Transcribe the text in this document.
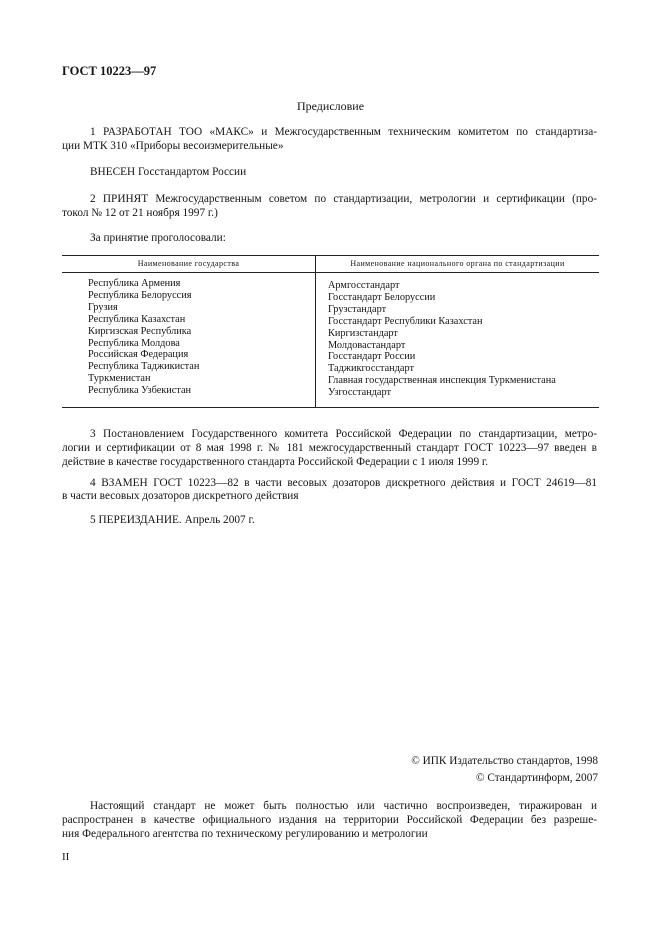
ГОСТ 10223—97
Предисловие
1 РАЗРАБОТАН ТОО «МАКС» и Межгосударственным техническим комитетом по стандартиза-
ции МТК 310 «Приборы весоизмерительные»
ВНЕСЕН Госстандартом России
2 ПРИНЯТ Межгосударственным советом по стандартизации, метрологии и сертификации (про-
токол № 12 от 21 ноября 1997 г.)
За принятие проголосовали:
Наименование государства	Наименование национального органа по стандартизации
Республика Армения
Республика Белоруссия
Грузия
Республика Казахстан
Киргизская Республика
Республика Молдова
Российская Федерация
Республика Таджикистан
Туркменистан
Республика Узбекистан
Армгосстандарт
Госстандарт Белоруссии
Грузстандарт
Госстандарт Республики Казахстан
Киргизстандарт
Молдовастандарт
Госстандарт России
Таджикгосстандарт
Главная государственная инспекция Туркменистана
Узгосстандарт
3 Постановлением Государственного комитета Российской Федерации по стандартизации, метро-
логии и сертификации от 8 мая 1998 г. № 181 межгосударственный стандарт ГОСТ 10223—97 введен в
действие в качестве государственного стандарта Российской Федерации с 1 июля 1999 г.
4 ВЗАМЕН ГОСТ 10223—82 в части весовых дозаторов дискретного действия и ГОСТ 24619—81
в части весовых дозаторов дискретного действия
5 ПЕРЕИЗДАНИЕ. Апрель 2007 г.
© ИПК Издательство стандартов, 1998
© Стандартинформ, 2007
Настоящий стандарт не может быть полностью или частично воспроизведен, тиражирован и
распространен в качестве официального издания на территории Российской Федерации без разреше-
ния Федерального агентства по техническому регулированию и метрологии
II
